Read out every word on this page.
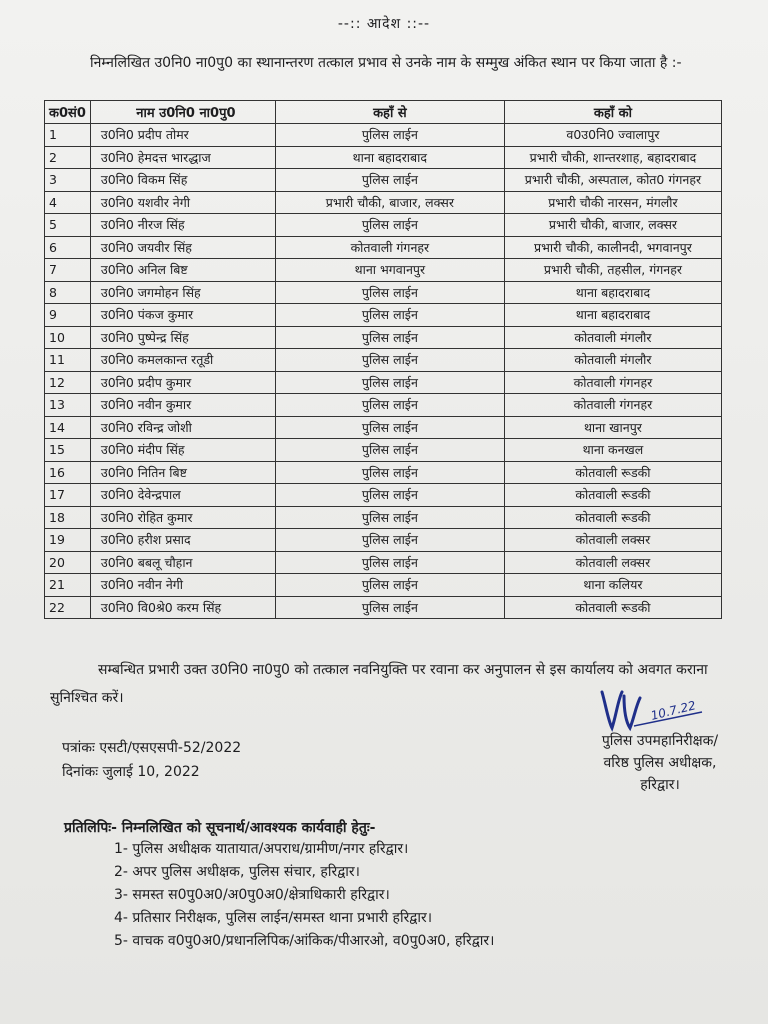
--:: आदेश ::--
निम्नलिखित उ0नि0 ना0पु0 का स्थानान्तरण तत्काल प्रभाव से उनके नाम के सम्मुख अंकित स्थान पर किया जाता है :-
क0सं0	नाम उ0नि0 ना0पु0	कहाँ से	कहाँ को
1	उ0नि0 प्रदीप तोमर	पुलिस लाईन	व0उ0नि0 ज्वालापुर
2	उ0नि0 हेमदत्त भारद्धाज	थाना बहादराबाद	प्रभारी चौकी, शान्तरशाह, बहादराबाद
3	उ0नि0 विकम सिंह	पुलिस लाईन	प्रभारी चौकी, अस्पताल, कोत0 गंगनहर
4	उ0नि0 यशवीर नेगी	प्रभारी चौकी, बाजार, लक्सर	प्रभारी चौकी नारसन, मंगलौर
5	उ0नि0 नीरज सिंह	पुलिस लाईन	प्रभारी चौकी, बाजार, लक्सर
6	उ0नि0 जयवीर सिंह	कोतवाली गंगनहर	प्रभारी चौकी, कालीनदी, भगवानपुर
7	उ0नि0 अनिल बिष्ट	थाना भगवानपुर	प्रभारी चौकी, तहसील, गंगनहर
8	उ0नि0 जगमोहन सिंह	पुलिस लाईन	थाना बहादराबाद
9	उ0नि0 पंकज कुमार	पुलिस लाईन	थाना बहादराबाद
10	उ0नि0 पुष्पेन्द्र सिंह	पुलिस लाईन	कोतवाली मंगलौर
11	उ0नि0 कमलकान्त रतूडी	पुलिस लाईन	कोतवाली मंगलौर
12	उ0नि0 प्रदीप कुमार	पुलिस लाईन	कोतवाली गंगनहर
13	उ0नि0 नवीन कुमार	पुलिस लाईन	कोतवाली गंगनहर
14	उ0नि0 रविन्द्र जोशी	पुलिस लाईन	थाना खानपुर
15	उ0नि0 मंदीप सिंह	पुलिस लाईन	थाना कनखल
16	उ0नि0 नितिन बिष्ट	पुलिस लाईन	कोतवाली रूडकी
17	उ0नि0 देवेन्द्रपाल	पुलिस लाईन	कोतवाली रूडकी
18	उ0नि0 रोहित कुमार	पुलिस लाईन	कोतवाली रूडकी
19	उ0नि0 हरीश प्रसाद	पुलिस लाईन	कोतवाली लक्सर
20	उ0नि0 बबलू चौहान	पुलिस लाईन	कोतवाली लक्सर
21	उ0नि0 नवीन नेगी	पुलिस लाईन	थाना कलियर
22	उ0नि0 वि0श्रे0 करम सिंह	पुलिस लाईन	कोतवाली रूडकी
सम्बन्धित प्रभारी उक्त उ0नि0 ना0पु0 को तत्काल नवनियुक्ति पर रवाना कर अनुपालन से इस कार्यालय को अवगत कराना सुनिश्चित करें।
पत्रांकः एसटी/एसएसपी-52/2022
दिनांकः जुलाई 10, 2022
10.7.22
पुलिस उपमहानिरीक्षक/
वरिष्ठ पुलिस अधीक्षक,
हरिद्वार।
प्रतिलिपिः- निम्नलिखित को सूचनार्थ/आवश्यक कार्यवाही हेतुः-
1- पुलिस अधीक्षक यातायात/अपराध/ग्रामीण/नगर हरिद्वार।
2- अपर पुलिस अधीक्षक, पुलिस संचार, हरिद्वार।
3- समस्त स0पु0अ0/अ0पु0अ0/क्षेत्राधिकारी हरिद्वार।
4- प्रतिसार निरीक्षक, पुलिस लाईन/समस्त थाना प्रभारी हरिद्वार।
5- वाचक व0पु0अ0/प्रधानलिपिक/आंकिक/पीआरओ, व0पु0अ0, हरिद्वार।
